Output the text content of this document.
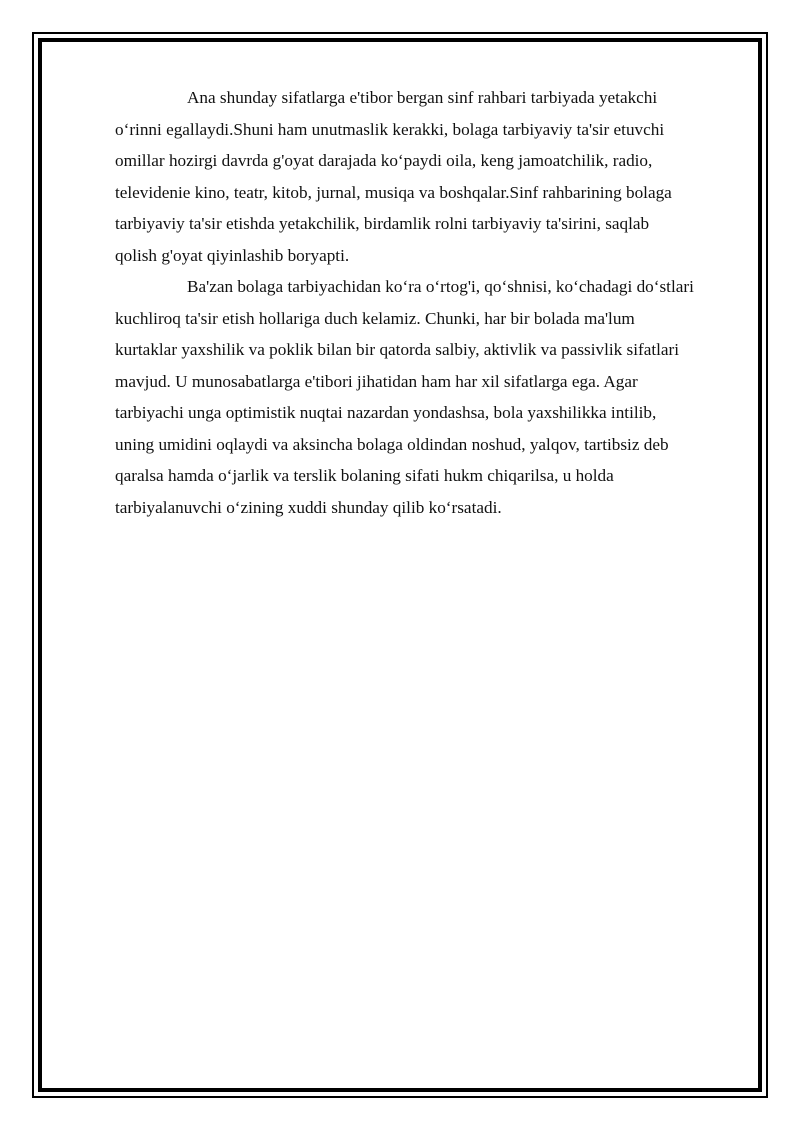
Ana shunday sifatlarga e'tibor bergan sinf rahbari tarbiyada yetakchi o‘rinni egallaydi.Shuni ham unutmaslik kerakki, bolaga tarbiyaviy ta'sir etuvchi omillar hozirgi davrda g'oyat darajada ko‘paydi oila, keng jamoatchilik, radio, televidenie kino, teatr, kitob, jurnal, musiqa va boshqalar.Sinf rahbarining bolaga tarbiyaviy ta'sir etishda yetakchilik, birdamlik rolni tarbiyaviy ta'sirini, saqlab qolish g'oyat qiyinlashib boryapti.

Ba'zan bolaga tarbiyachidan ko‘ra o‘rtog'i, qo‘shnisi, ko‘chadagi do‘stlari kuchliroq ta'sir etish hollariga duch kelamiz. Chunki, har bir bolada ma'lum kurtaklar yaxshilik va poklik bilan bir qatorda salbiy, aktivlik va passivlik sifatlari mavjud. U munosabatlarga e'tibori jihatidan ham har xil sifatlarga ega. Agar tarbiyachi unga optimistik nuqtai nazardan yondashsa, bola yaxshilikka intilib, uning umidini oqlaydi va aksincha bolaga oldindan noshud, yalqov, tartibsiz deb qaralsa hamda o‘jarlik va terslik bolaning sifati hukm chiqarilsa, u holda tarbiyalanuvchi o‘zining xuddi shunday qilib ko‘rsatadi.
